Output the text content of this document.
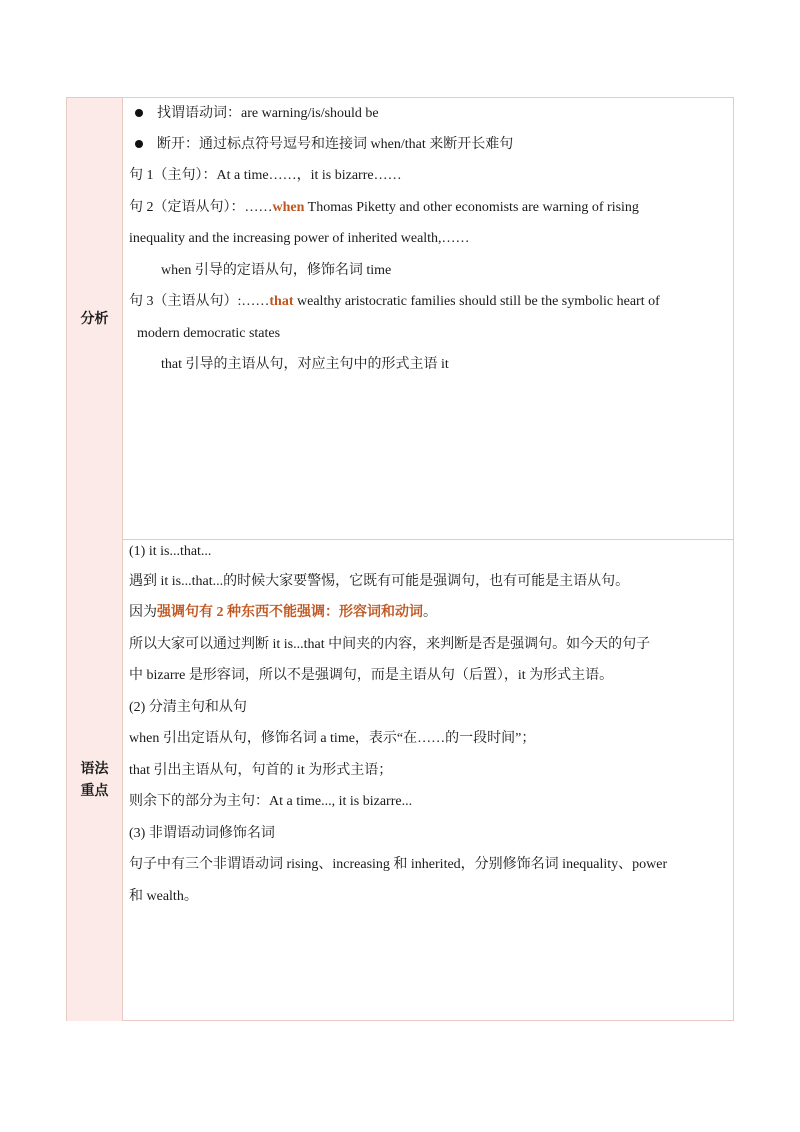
分析
找谓语动词：are warning/is/should be
断开：通过标点符号逗号和连接词 when/that 来断开长难句
句 1（主句）：At a time……，it is bizarre……
句 2（定语从句）：……when Thomas Piketty and other economists are warning of rising
inequality and the increasing power of inherited wealth,……
when 引导的定语从句，修饰名词 time
句 3（主语从句）:……that wealthy aristocratic families should still be the symbolic heart of
modern democratic states
that 引导的主语从句，对应主句中的形式主语 it
语法
重点
(1) it is...that...
遇到 it is...that...的时候大家要警惕，它既有可能是强调句，也有可能是主语从句。
因为强调句有 2 种东西不能强调：形容词和动词。
所以大家可以通过判断 it is...that 中间夹的内容，来判断是否是强调句。如今天的句子
中 bizarre 是形容词，所以不是强调句，而是主语从句（后置），it 为形式主语。
(2) 分清主句和从句
when 引出定语从句，修饰名词 a time，表示“在……的一段时间”；
that 引出主语从句，句首的 it 为形式主语；
则余下的部分为主句：At a time..., it is bizarre...
(3) 非谓语动词修饰名词
句子中有三个非谓语动词 rising、increasing 和 inherited，分别修饰名词 inequality、power
和 wealth。
